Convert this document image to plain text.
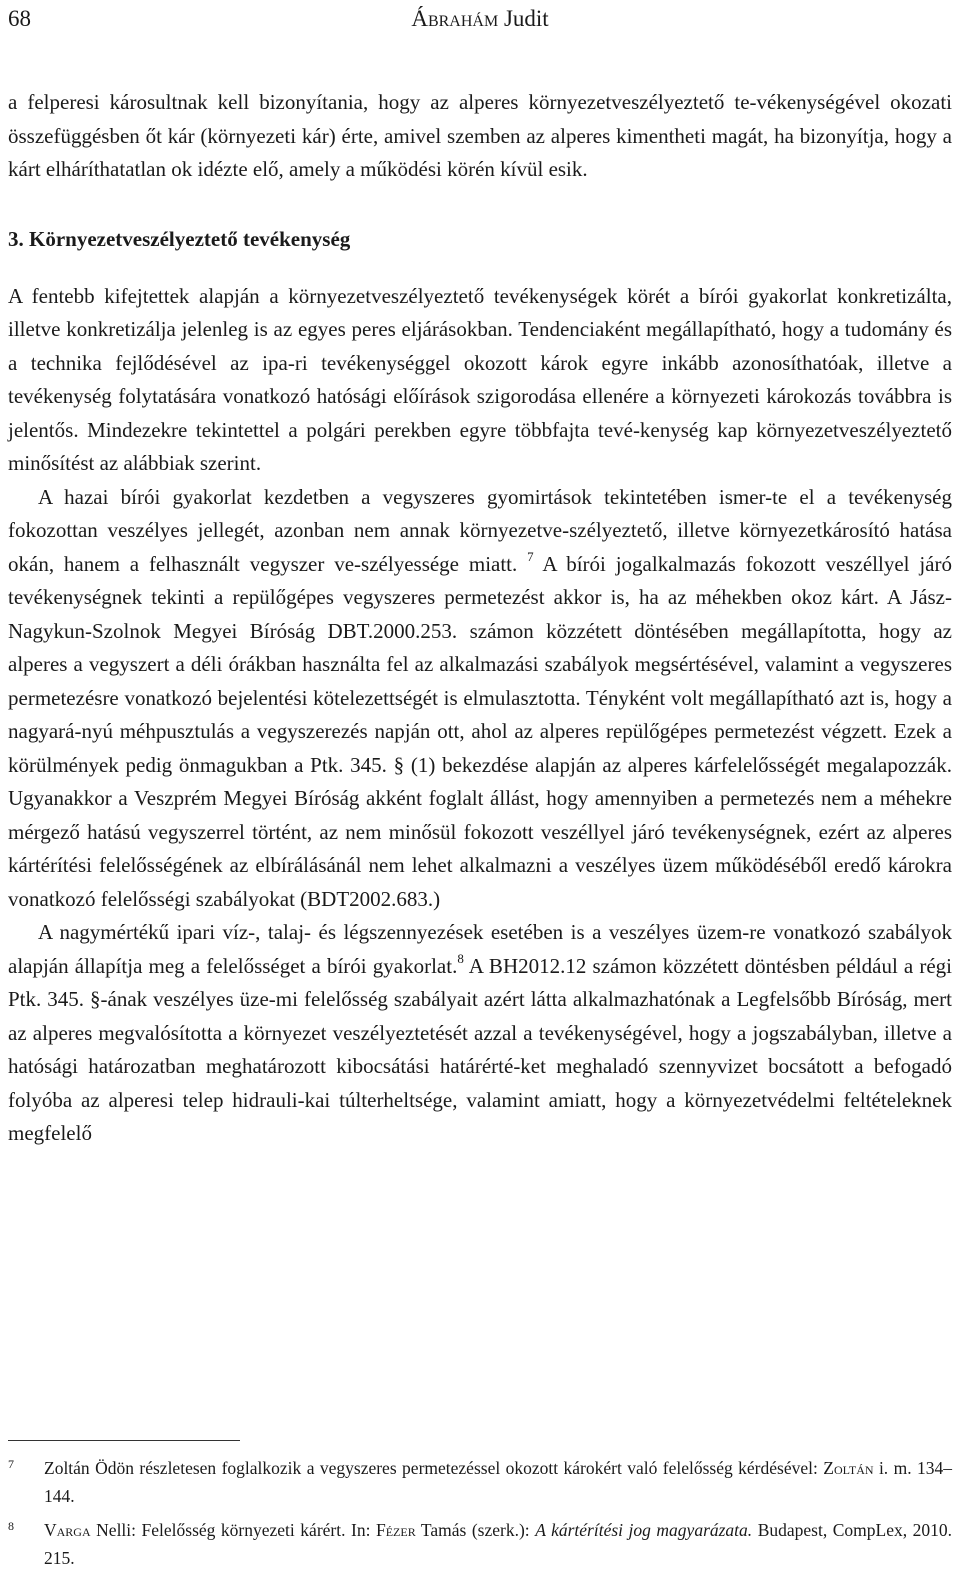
68	Ábrahám Judit

a felperesi károsultnak kell bizonyítania, hogy az alperes környezetveszélyeztető te-vékenységével okozati összefüggésben őt kár (környezeti kár) érte, amivel szemben az alperes kimentheti magát, ha bizonyítja, hogy a kárt elháríthatatlan ok idézte elő, amely a működési körén kívül esik.

3. Környezetveszélyeztető tevékenység

A fentebb kifejtettek alapján a környezetveszélyeztető tevékenységek körét a bírói gyakorlat konkretizálta, illetve konkretizálja jelenleg is az egyes peres eljárásokban. Tendenciaként megállapítható, hogy a tudomány és a technika fejlődésével az ipa-ri tevékenységgel okozott károk egyre inkább azonosíthatóak, illetve a tevékenység folytatására vonatkozó hatósági előírások szigorodása ellenére a környezeti károkozás továbbra is jelentős. Mindezekre tekintettel a polgári perekben egyre többfajta tevé-kenység kap környezetveszélyeztető minősítést az alábbiak szerint.

A hazai bírói gyakorlat kezdetben a vegyszeres gyomirtások tekintetében ismer-te el a tevékenység fokozottan veszélyes jellegét, azonban nem annak környezetve-szélyeztető, illetve környezetkárosító hatása okán, hanem a felhasznált vegyszer ve-szélyessége miatt. $^7$ A bírói jogalkalmazás fokozott veszéllyel járó tevékenységnek tekinti a repülőgépes vegyszeres permetezést akkor is, ha az méhekben okoz kárt. A Jász-Nagykun-Szolnok Megyei Bíróság DBT.2000.253. számon közzétett döntésében megállapította, hogy az alperes a vegyszert a déli órákban használta fel az alkalmazási szabályok megsértésével, valamint a vegyszeres permetezésre vonatkozó bejelentési kötelezettségét is elmulasztotta. Tényként volt megállapítható azt is, hogy a nagyará-nyú méhpusztulás a vegyszerezés napján ott, ahol az alperes repülőgépes permetezést végzett. Ezek a körülmények pedig önmagukban a Ptk. 345. § (1) bekezdése alapján az alperes kárfelelősségét megalapozzák. Ugyanakkor a Veszprém Megyei Bíróság akként foglalt állást, hogy amennyiben a permetezés nem a méhekre mérgező hatású vegyszerrel történt, az nem minősül fokozott veszéllyel járó tevékenységnek, ezért az alperes kártérítési felelősségének az elbírálásánál nem lehet alkalmazni a veszélyes üzem működéséből eredő károkra vonatkozó felelősségi szabályokat (BDT2002.683.)

A nagymértékű ipari víz-, talaj- és légszennyezések esetében is a veszélyes üzem-re vonatkozó szabályok alapján állapítja meg a felelősséget a bírói gyakorlat.$^8$ A BH2012.12 számon közzétett döntésben például a régi Ptk. 345. §-ának veszélyes üze-mi felelősség szabályait azért látta alkalmazhatónak a Legfelsőbb Bíróság, mert az alperes megvalósította a környezet veszélyeztetését azzal a tevékenységével, hogy a jogszabályban, illetve a hatósági határozatban meghatározott kibocsátási határérté-ket meghaladó szennyvizet bocsátott a befogadó folyóba az alperesi telep hidrauli-kai túlterheltsége, valamint amiatt, hogy a környezetvédelmi feltételeknek megfelelő

7 Zoltán Ödön részletesen foglalkozik a vegyszeres permetezéssel okozott károkért való felelősség kérdésével: Zoltán i. m. 134–144.
8 Varga Nelli: Felelősség környezeti kárért. In: Fézer Tamás (szerk.): A kártérítési jog magyarázata. Budapest, CompLex, 2010. 215.
